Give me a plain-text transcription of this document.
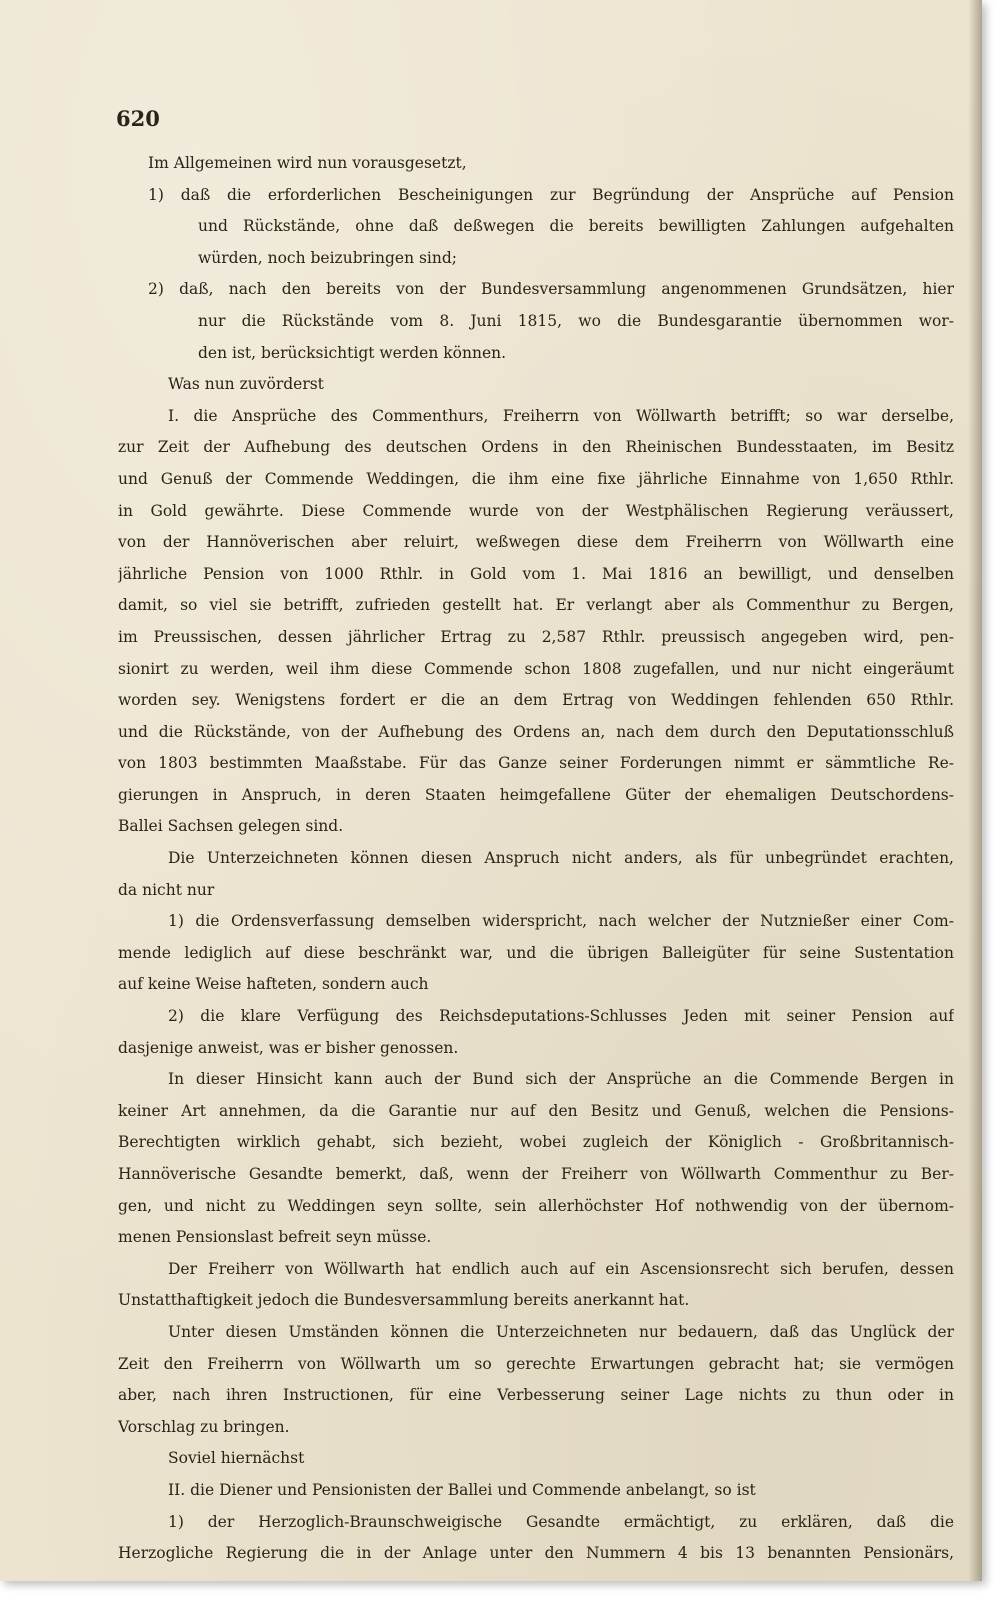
620
Im Allgemeinen wird nun vorausgesetzt,
1) daß die erforderlichen Bescheinigungen zur Begründung der Ansprüche auf Pension
und Rückstände, ohne daß deßwegen die bereits bewilligten Zahlungen aufgehalten
würden, noch beizubringen sind;
2) daß, nach den bereits von der Bundesversammlung angenommenen Grundsätzen, hier
nur die Rückstände vom 8. Juni 1815, wo die Bundesgarantie übernommen wor-
den ist, berücksichtigt werden können.
Was nun zuvörderst
I. die Ansprüche des Commenthurs, Freiherrn von Wöllwarth betrifft; so war derselbe,
zur Zeit der Aufhebung des deutschen Ordens in den Rheinischen Bundesstaaten, im Besitz
und Genuß der Commende Weddingen, die ihm eine fixe jährliche Einnahme von 1,650 Rthlr.
in Gold gewährte. Diese Commende wurde von der Westphälischen Regierung veräussert,
von der Hannöverischen aber reluirt, weßwegen diese dem Freiherrn von Wöllwarth eine
jährliche Pension von 1000 Rthlr. in Gold vom 1. Mai 1816 an bewilligt, und denselben
damit, so viel sie betrifft, zufrieden gestellt hat. Er verlangt aber als Commenthur zu Bergen,
im Preussischen, dessen jährlicher Ertrag zu 2,587 Rthlr. preussisch angegeben wird, pen-
sionirt zu werden, weil ihm diese Commende schon 1808 zugefallen, und nur nicht eingeräumt
worden sey. Wenigstens fordert er die an dem Ertrag von Weddingen fehlenden 650 Rthlr.
und die Rückstände, von der Aufhebung des Ordens an, nach dem durch den Deputationsschluß
von 1803 bestimmten Maaßstabe. Für das Ganze seiner Forderungen nimmt er sämmtliche Re-
gierungen in Anspruch, in deren Staaten heimgefallene Güter der ehemaligen Deutschordens-
Ballei Sachsen gelegen sind.
Die Unterzeichneten können diesen Anspruch nicht anders, als für unbegründet erachten,
da nicht nur
1) die Ordensverfassung demselben widerspricht, nach welcher der Nutznießer einer Com-
mende lediglich auf diese beschränkt war, und die übrigen Balleigüter für seine Sustentation
auf keine Weise hafteten, sondern auch
2) die klare Verfügung des Reichsdeputations-Schlusses Jeden mit seiner Pension auf
dasjenige anweist, was er bisher genossen.
In dieser Hinsicht kann auch der Bund sich der Ansprüche an die Commende Bergen in
keiner Art annehmen, da die Garantie nur auf den Besitz und Genuß, welchen die Pensions-
Berechtigten wirklich gehabt, sich bezieht, wobei zugleich der Königlich - Großbritannisch-
Hannöverische Gesandte bemerkt, daß, wenn der Freiherr von Wöllwarth Commenthur zu Ber-
gen, und nicht zu Weddingen seyn sollte, sein allerhöchster Hof nothwendig von der übernom-
menen Pensionslast befreit seyn müsse.
Der Freiherr von Wöllwarth hat endlich auch auf ein Ascensionsrecht sich berufen, dessen
Unstatthaftigkeit jedoch die Bundesversammlung bereits anerkannt hat.
Unter diesen Umständen können die Unterzeichneten nur bedauern, daß das Unglück der
Zeit den Freiherrn von Wöllwarth um so gerechte Erwartungen gebracht hat; sie vermögen
aber, nach ihren Instructionen, für eine Verbesserung seiner Lage nichts zu thun oder in
Vorschlag zu bringen.
Soviel hiernächst
II. die Diener und Pensionisten der Ballei und Commende anbelangt, so ist
1) der Herzoglich-Braunschweigische Gesandte ermächtigt, zu erklären, daß die
Herzogliche Regierung die in der Anlage unter den Nummern 4 bis 13 benannten Pensionärs,
